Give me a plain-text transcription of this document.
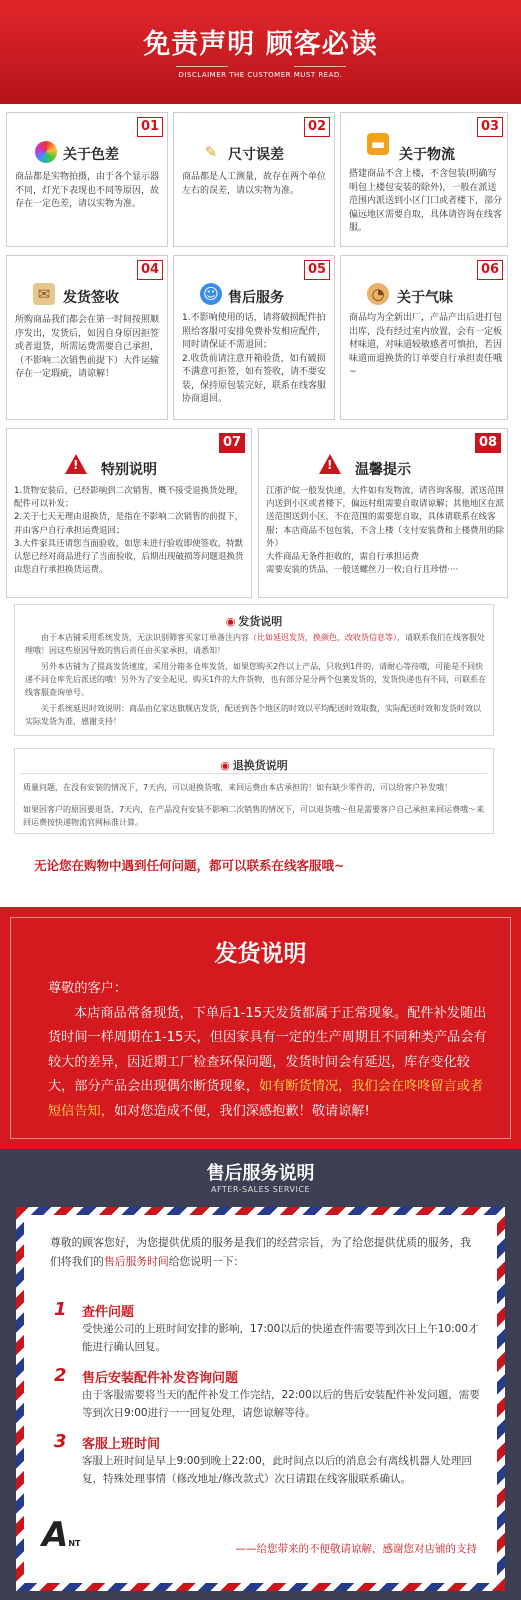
免责声明 顾客必读
DISCLAIMER THE CUSTOMER MUST READ.
01
关于色差
商品都是实物拍摄，由于各个显示器不同，灯光下表现也不同等原因，故存在一定色差，请以实物为准。
02
✎ 尺寸误差
商品都是人工测量，故存在两个单位左右的误差，请以实物为准。
03
▬
关于物流
搭建商品不含上楼，不含包装(明确写明包上楼包安装的除外)，一般在派送范围内派送到小区门口或者楼下，部分偏远地区需要自取，具体请咨询在线客服。
04
✉ 发货签收
所购商品我们都会在第一时间按照顺序发出，发货后，如因自身原因拒签或者退货，所需运费需要自己承担，（不影响二次销售前提下）大件运输存在一定瑕疵，请谅解！
05
☺ 售后服务
1.不影响使用的话，请将破损配件拍照给客服可安排免费补发相应配件，同时请保证不需退回；
2.收货前请注意开箱验货，如有破损不满意可拒签，如有签收，请不要安装，保持原包装完好，联系在线客服协商退回。
06
◔ 关于气味
商品均为全新出厂，产品产出后进打包出库，没有经过室内放置，会有一定板材味道，对味道较敏感者可慎拍，若因味道而退换货的订单要自行承担责任哦~
07
! 特别说明
1.货物安装后，已经影响到二次销售，概不接受退换货处理，配件可以补发；
2.关于七天无理由退换货，是指在不影响二次销售的前提下，并由客户自行承担运费退回；
3.大件家具还请您当面验收，如您未进行验收即使签收，特默认您已经对商品进行了当面验收，后期出现破损等问题退换货由您自行承担换货运费。
08
! 温馨提示
江浙沪皖一般发快递，大件如有发物流，请咨询客服，派送范围内送到小区或者楼下，偏远村组需要自取请谅解；其他地区在派送范围送到小区，不在范围的需要您自取，具体请联系在线客服；本店商品不包包装，不含上楼（支付安装费和上楼费用的除外）
大件商品无条件拒收的，需自行承担运费
需要安装的货品，一般送螺丝刀一枚;自行且珍惜····
◉ 发货说明
由于本店铺采用系统发货，无法识别筛客买家订单备注内容（比如延迟发货，换颜色，改收货信息等），请联系我们在线客服处理哦！因这些原因导致的售后责任由买家承担，请悉知！
另外本店铺为了提高发货速度，采用分箱多仓库发货，如果您购买2件以上产品，只收到1件的，请耐心等待哦，可能是不同快递不同仓库先后派送的哦！另外为了安全起见，购买1件的大件货物，也有部分是分两个包裹发货的，发货快递也有不同，可联系在线客服查询单号。
关于系统延迟时效说明：商品由亿家达旗舰店发货，配送到各个地区的时效以平均配送时效取数，实际配送时效和发货时效以实际发货为准，感谢支持！
◉ 退换货说明
质量问题，在没有安装的情况下，7天内，可以退换货哦，来回运费由本店承担的！如有缺少零件的，可以给客户补发哦！
如果因客户的原因要退货，7天内，在产品没有安装不影响二次销售的情况下，可以退货哦～但是需要客户自己承担来回运费哦～来回运费按快递物流官网标准计算。
无论您在购物中遇到任何问题，都可以联系在线客服哦~
发货说明
尊敬的客户：
本店商品常备现货，下单后1-15天发货都属于正常现象。配件补发随出货时间一样周期在1-15天，但因家具有一定的生产周期且不同种类产品会有较大的差异，因近期工厂检查环保问题，发货时间会有延迟，库存变化较大，部分产品会出现偶尔断货现象，如有断货情况，我们会在咚咚留言或者短信告知，如对您造成不便，我们深感抱歉！敬请谅解!
售后服务说明
AFTER-SALES SERVICE
尊敬的顾客您好，为您提供优质的服务是我们的经营宗旨，为了给您提供优质的服务，我们将我们的售后服务时间给您说明一下：
1 查件问题
受快递公司的上班时间安排的影响，17:00以后的快递查件需要等到次日上午10:00才能进行确认回复。
2 售后安装配件补发咨询问题
由于客服需要将当天的配件补发工作完结，22:00以后的售后安装配件补发问题，需要等到次日9:00进行一一回复处理，请您谅解等待。
3 客服上班时间
客服上班时间是早上9:00到晚上22:00，此时间点以后的消息会有离线机器人处理回复，特殊处理事情（修改地址/修改款式）次日请跟在线客服联系确认。
ANT	——给您带来的不便敬请谅解，感谢您对店铺的支持
